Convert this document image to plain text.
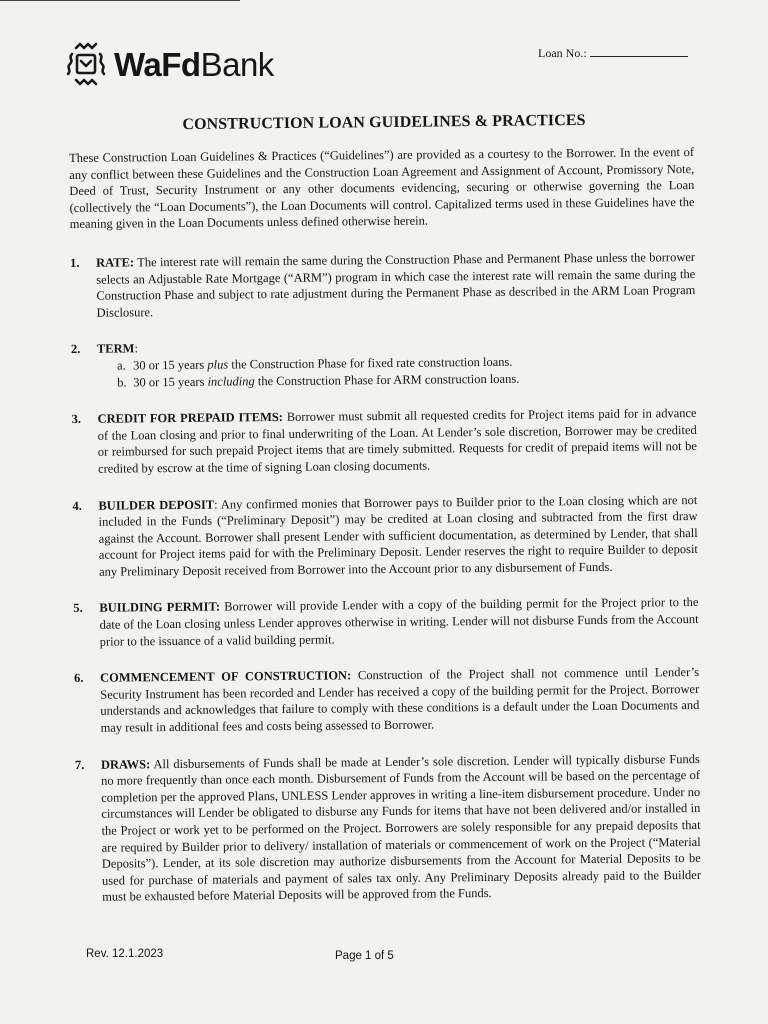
WaFdBank	Loan No.:
CONSTRUCTION LOAN GUIDELINES & PRACTICES

These Construction Loan Guidelines & Practices (“Guidelines”) are provided as a courtesy to the Borrower. In the event of any conflict between these Guidelines and the Construction Loan Agreement and Assignment of Account, Promissory Note, Deed of Trust, Security Instrument or any other documents evidencing, securing or otherwise governing the Loan (collectively the “Loan Documents”), the Loan Documents will control. Capitalized terms used in these Guidelines have the meaning given in the Loan Documents unless defined otherwise herein.

1.	RATE: The interest rate will remain the same during the Construction Phase and Permanent Phase unless the borrower selects an Adjustable Rate Mortgage (“ARM”) program in which case the interest rate will remain the same during the Construction Phase and subject to rate adjustment during the Permanent Phase as described in the ARM Loan Program Disclosure.
2.	TERM:
a. 30 or 15 years plus the Construction Phase for fixed rate construction loans.
b. 30 or 15 years including the Construction Phase for ARM construction loans.
3.	CREDIT FOR PREPAID ITEMS: Borrower must submit all requested credits for Project items paid for in advance of the Loan closing and prior to final underwriting of the Loan. At Lender’s sole discretion, Borrower may be credited or reimbursed for such prepaid Project items that are timely submitted. Requests for credit of prepaid items will not be credited by escrow at the time of signing Loan closing documents.
4.	BUILDER DEPOSIT: Any confirmed monies that Borrower pays to Builder prior to the Loan closing which are not included in the Funds (“Preliminary Deposit”) may be credited at Loan closing and subtracted from the first draw against the Account. Borrower shall present Lender with sufficient documentation, as determined by Lender, that shall account for Project items paid for with the Preliminary Deposit. Lender reserves the right to require Builder to deposit any Preliminary Deposit received from Borrower into the Account prior to any disbursement of Funds.
5.	BUILDING PERMIT: Borrower will provide Lender with a copy of the building permit for the Project prior to the date of the Loan closing unless Lender approves otherwise in writing. Lender will not disburse Funds from the Account prior to the issuance of a valid building permit.
6.	COMMENCEMENT OF CONSTRUCTION: Construction of the Project shall not commence until Lender’s Security Instrument has been recorded and Lender has received a copy of the building permit for the Project. Borrower understands and acknowledges that failure to comply with these conditions is a default under the Loan Documents and may result in additional fees and costs being assessed to Borrower.
7.	DRAWS: All disbursements of Funds shall be made at Lender’s sole discretion. Lender will typically disburse Funds no more frequently than once each month. Disbursement of Funds from the Account will be based on the percentage of completion per the approved Plans, UNLESS Lender approves in writing a line-item disbursement procedure. Under no circumstances will Lender be obligated to disburse any Funds for items that have not been delivered and/or installed in the Project or work yet to be performed on the Project. Borrowers are solely responsible for any prepaid deposits that are required by Builder prior to delivery/ installation of materials or commencement of work on the Project (“Material Deposits”). Lender, at its sole discretion may authorize disbursements from the Account for Material Deposits to be used for purchase of materials and payment of sales tax only. Any Preliminary Deposits already paid to the Builder must be exhausted before Material Deposits will be approved from the Funds.
Rev. 12.1.2023	Page 1 of 5
